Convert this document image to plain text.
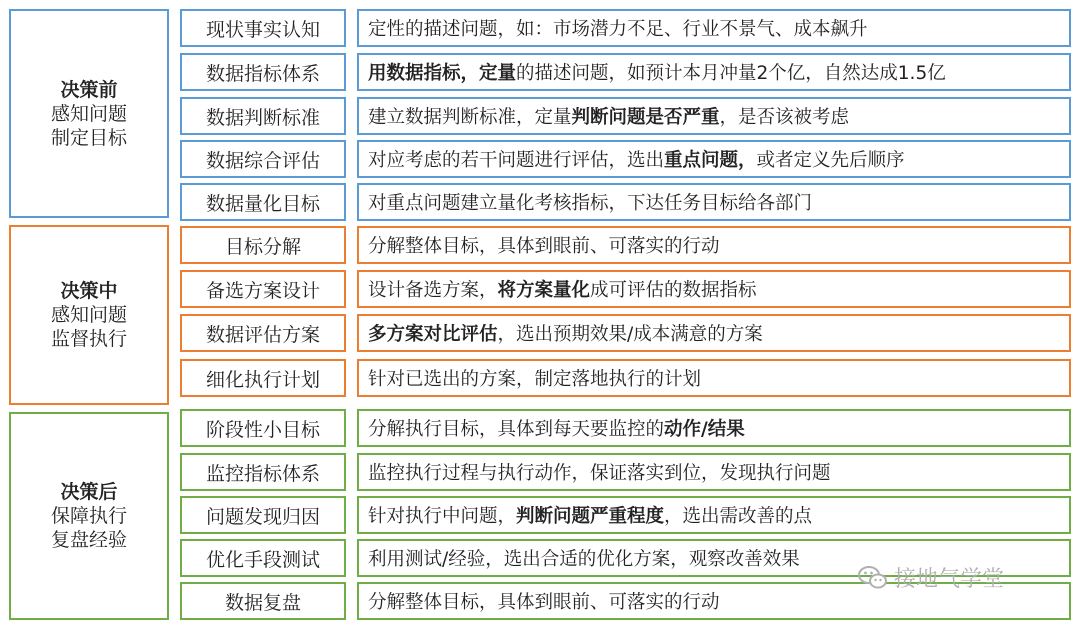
决策前
感知问题
制定目标
决策中
感知问题
监督执行
决策后
保障执行
复盘经验
现状事实认知	定性的描述问题，如：市场潜力不足、行业不景气、成本飙升
数据指标体系	用数据指标，定量 的描述问题，如预计本月冲量2个亿，自然达成1.5亿
数据判断标准	建立数据判断标准，定量 判断问题是否严重 ，是否该被考虑
数据综合评估	对应考虑的若干问题进行评估，选出 重点问题， 或者定义先后顺序
数据量化目标	对重点问题建立量化考核指标，下达任务目标给各部门
目标分解	分解整体目标，具体到眼前、可落实的行动
备选方案设计	设计备选方案， 将方案量化 成可评估的数据指标
数据评估方案	多方案对比评估 ，选出预期效果/成本满意的方案
细化执行计划	针对已选出的方案，制定落地执行的计划
阶段性小目标	分解执行目标，具体到每天要监控的 动作/结果
监控指标体系	监控执行过程与执行动作，保证落实到位，发现执行问题
问题发现归因	针对执行中问题， 判断问题严重程度 ，选出需改善的点
优化手段测试	利用测试/经验，选出合适的优化方案，观察改善效果
数据复盘	分解整体目标，具体到眼前、可落实的行动
接地气学堂
